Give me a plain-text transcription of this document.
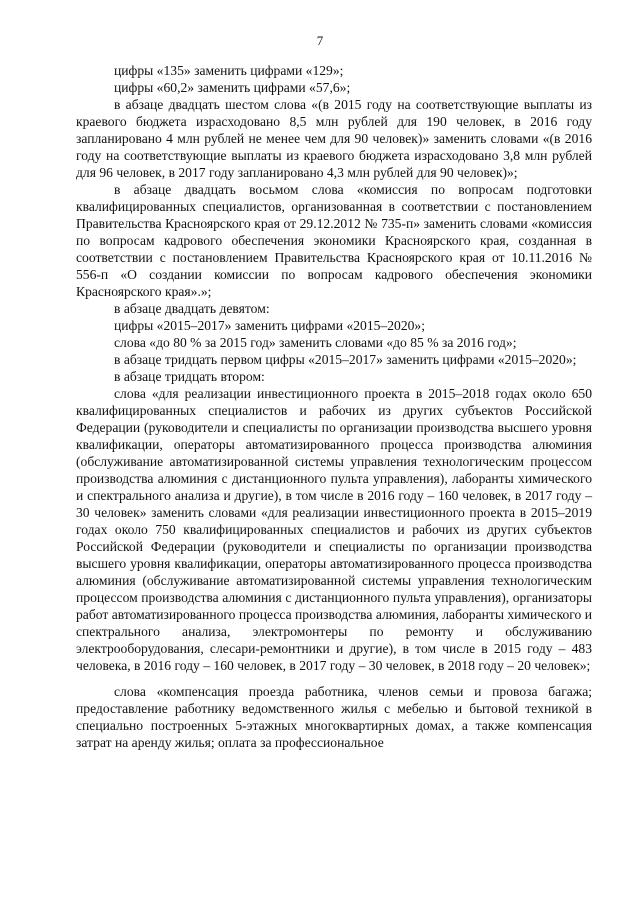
7

цифры «135» заменить цифрами «129»;

цифры «60,2» заменить цифрами «57,6»;

в абзаце двадцать шестом слова «(в 2015 году на соответствующие выплаты из краевого бюджета израсходовано 8,5 млн рублей для 190 человек, в 2016 году запланировано 4 млн рублей не менее чем для 90 человек)» заменить словами «(в 2016 году на соответствующие выплаты из краевого бюджета израсходовано 3,8 млн рублей для 96 человек, в 2017 году запланировано 4,3 млн рублей для 90 человек)»;

в абзаце двадцать восьмом слова «комиссия по вопросам подготовки квалифицированных специалистов, организованная в соответствии с постановлением Правительства Красноярского края от 29.12.2012 № 735-п» заменить словами «комиссия по вопросам кадрового обеспечения экономики Красноярского края, созданная в соответствии с постановлением Правительства Красноярского края от 10.11.2016 № 556-п «О создании комиссии по вопросам кадрового обеспечения экономики Красноярского края».»;

в абзаце двадцать девятом:

цифры «2015–2017» заменить цифрами «2015–2020»;

слова «до 80 % за 2015 год» заменить словами «до 85 % за 2016 год»;

в абзаце тридцать первом цифры «2015–2017» заменить цифрами «2015–2020»;

в абзаце тридцать втором:

слова «для реализации инвестиционного проекта в 2015–2018 годах около 650 квалифицированных специалистов и рабочих из других субъектов Российской Федерации (руководители и специалисты по организации производства высшего уровня квалификации, операторы автоматизированного процесса производства алюминия (обслуживание автоматизированной системы управления технологическим процессом производства алюминия с дистанционного пульта управления), лаборанты химического и спектрального анализа и другие), в том числе в 2016 году – 160 человек, в 2017 году – 30 человек» заменить словами «для реализации инвестиционного проекта в 2015–2019 годах около 750 квалифицированных специалистов и рабочих из других субъектов Российской Федерации (руководители и специалисты по организации производства высшего уровня квалификации, операторы автоматизированного процесса производства алюминия (обслуживание автоматизированной системы управления технологическим процессом производства алюминия с дистанционного пульта управления), организаторы работ автоматизированного процесса производства алюминия, лаборанты химического и спектрального анализа, электромонтеры по ремонту и обслуживанию электрооборудования, слесари-ремонтники и другие), в том числе в 2015 году – 483 человека, в 2016 году – 160 человек, в 2017 году – 30 человек, в 2018 году – 20 человек»;

слова «компенсация проезда работника, членов семьи и провоза багажа; предоставление работнику ведомственного жилья с мебелью и бытовой техникой в специально построенных 5-этажных многоквартирных домах, а также компенсация затрат на аренду жилья; оплата за профессиональное
